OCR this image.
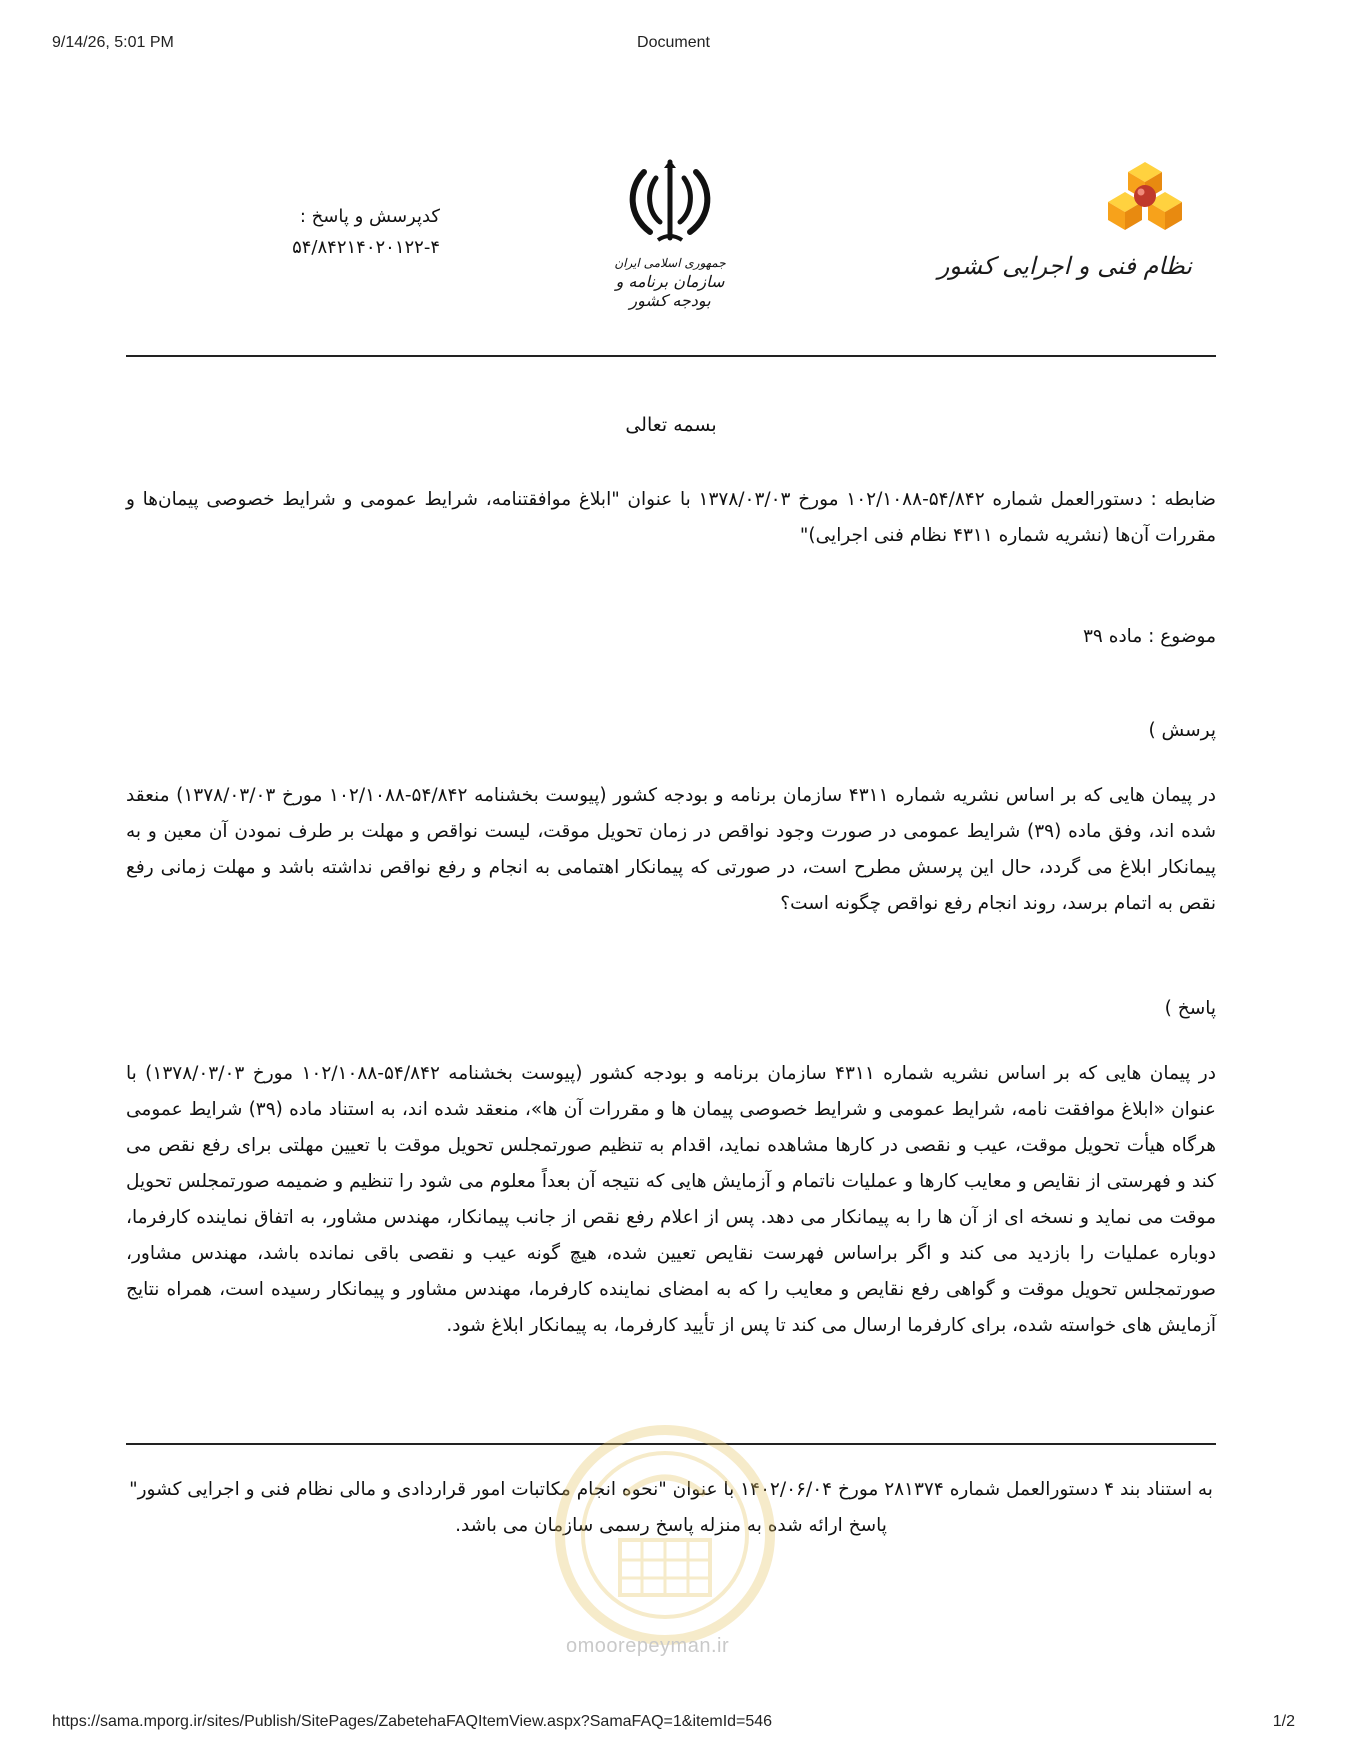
9/14/26, 5:01 PM	Document
نظام فنی و اجرایی کشور
جمهوری اسلامی ایران
سازمان برنامه و بودجه کشور
کدپرسش و پاسخ :
۵۴/۸۴۲۱۴۰۲۰۱۲۲-۴
بسمه تعالی
ضابطه : دستورالعمل شماره ۵۴/۸۴۲-۱۰۲/۱۰۸۸ مورخ ۱۳۷۸/۰۳/۰۳ با عنوان "ابلاغ موافقتنامه، شرایط عمومی و شرایط خصوصی پیمان‌ها و مقررات آن‌ها (نشریه شماره ۴۳۱۱ نظام فنی اجرایی)"
موضوع : ماده ۳۹
پرسش )
در پیمان هایی که بر اساس نشریه شماره ۴۳۱۱ سازمان برنامه و بودجه کشور (پیوست بخشنامه ۵۴/۸۴۲-۱۰۲/۱۰۸۸ مورخ ۱۳۷۸/۰۳/۰۳) منعقد شده اند، وفق ماده (۳۹) شرایط عمومی در صورت وجود نواقص در زمان تحویل موقت، لیست نواقص و مهلت بر طرف نمودن آن معین و به پیمانکار ابلاغ می گردد، حال این پرسش مطرح است، در صورتی که پیمانکار اهتمامی به انجام و رفع نواقص نداشته باشد و مهلت زمانی رفع نقص به اتمام برسد، روند انجام رفع نواقص چگونه است؟
پاسخ )
در پیمان هایی که بر اساس نشریه شماره ۴۳۱۱ سازمان برنامه و بودجه کشور (پیوست بخشنامه ۵۴/۸۴۲-۱۰۲/۱۰۸۸ مورخ ۱۳۷۸/۰۳/۰۳) با عنوان «ابلاغ موافقت نامه، شرایط عمومی و شرایط خصوصی پیمان ها و مقررات آن ها»، منعقد شده اند، به استناد ماده (۳۹) شرایط عمومی هرگاه هیأت تحویل موقت، عیب و نقصی در کارها مشاهده نماید، اقدام به تنظیم صورتمجلس تحویل موقت با تعیین مهلتی برای رفع نقص می کند و فهرستی از نقایص و معایب کارها و عملیات ناتمام و آزمایش هایی که نتیجه آن بعداً معلوم می شود را تنظیم و ضمیمه صورتمجلس تحویل موقت می نماید و نسخه ای از آن ها را به پیمانکار می دهد. پس از اعلام رفع نقص از جانب پیمانکار، مهندس مشاور، به اتفاق نماینده کارفرما، دوباره عملیات را بازدید می کند و اگر براساس فهرست نقایص تعیین شده، هیچ گونه عیب و نقصی باقی نمانده باشد، مهندس مشاور، صورتمجلس تحویل موقت و گواهی رفع نقایص و معایب را که به امضای نماینده کارفرما، مهندس مشاور و پیمانکار رسیده است، همراه نتایج آزمایش های خواسته شده، برای کارفرما ارسال می کند تا پس از تأیید کارفرما، به پیمانکار ابلاغ شود.
به استناد بند ۴ دستورالعمل شماره ۲۸۱۳۷۴ مورخ ۱۴۰۲/۰۶/۰۴ با عنوان "نحوه انجام مکاتبات امور قراردادی و مالی نظام فنی و اجرایی کشور" پاسخ ارائه شده به منزله پاسخ رسمی سازمان می باشد.
omoorepeyman.ir
https://sama.mporg.ir/sites/Publish/SitePages/ZabetehaFAQItemView.aspx?SamaFAQ=1&itemId=546	1/2
